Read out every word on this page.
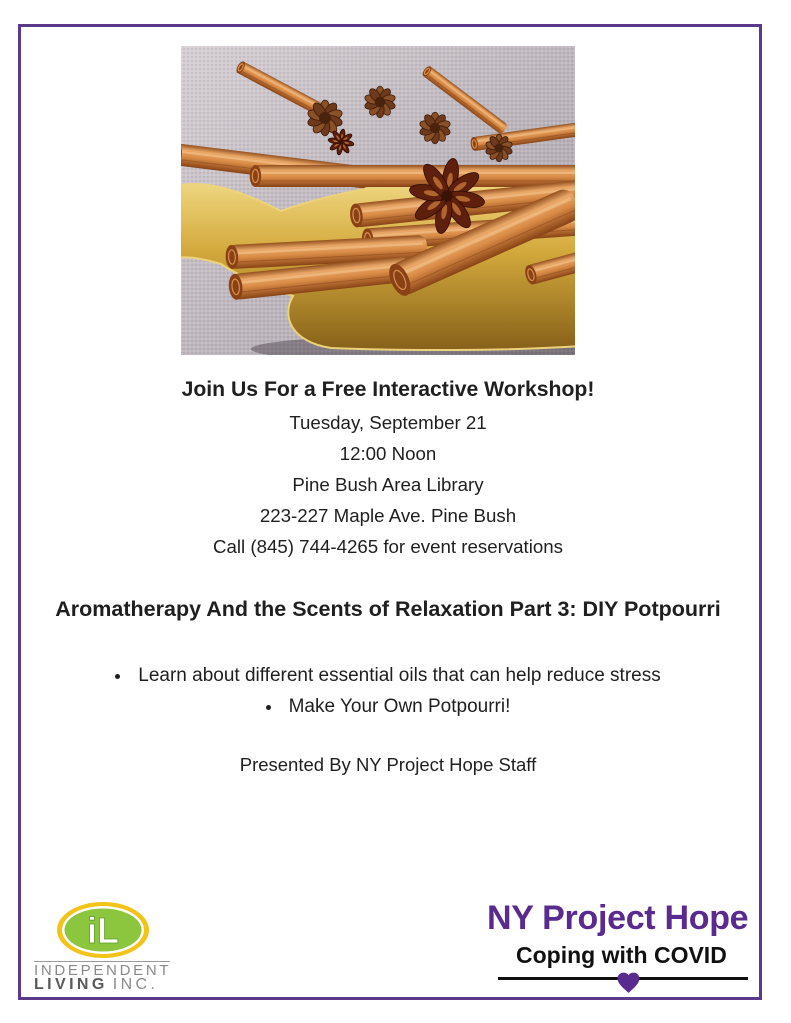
Join Us For a Free Interactive Workshop!
Tuesday, September 21
12:00 Noon
Pine Bush Area Library
223-227 Maple Ave. Pine Bush
Call (845) 744-4265 for event reservations
Aromatherapy And the Scents of Relaxation Part 3: DIY Potpourri
Learn about different essential oils that can help reduce stress
Make Your Own Potpourri!
Presented By NY Project Hope Staff
iL
INDEPENDENT
LIVING INC.
NY Project Hope
Coping with COVID
